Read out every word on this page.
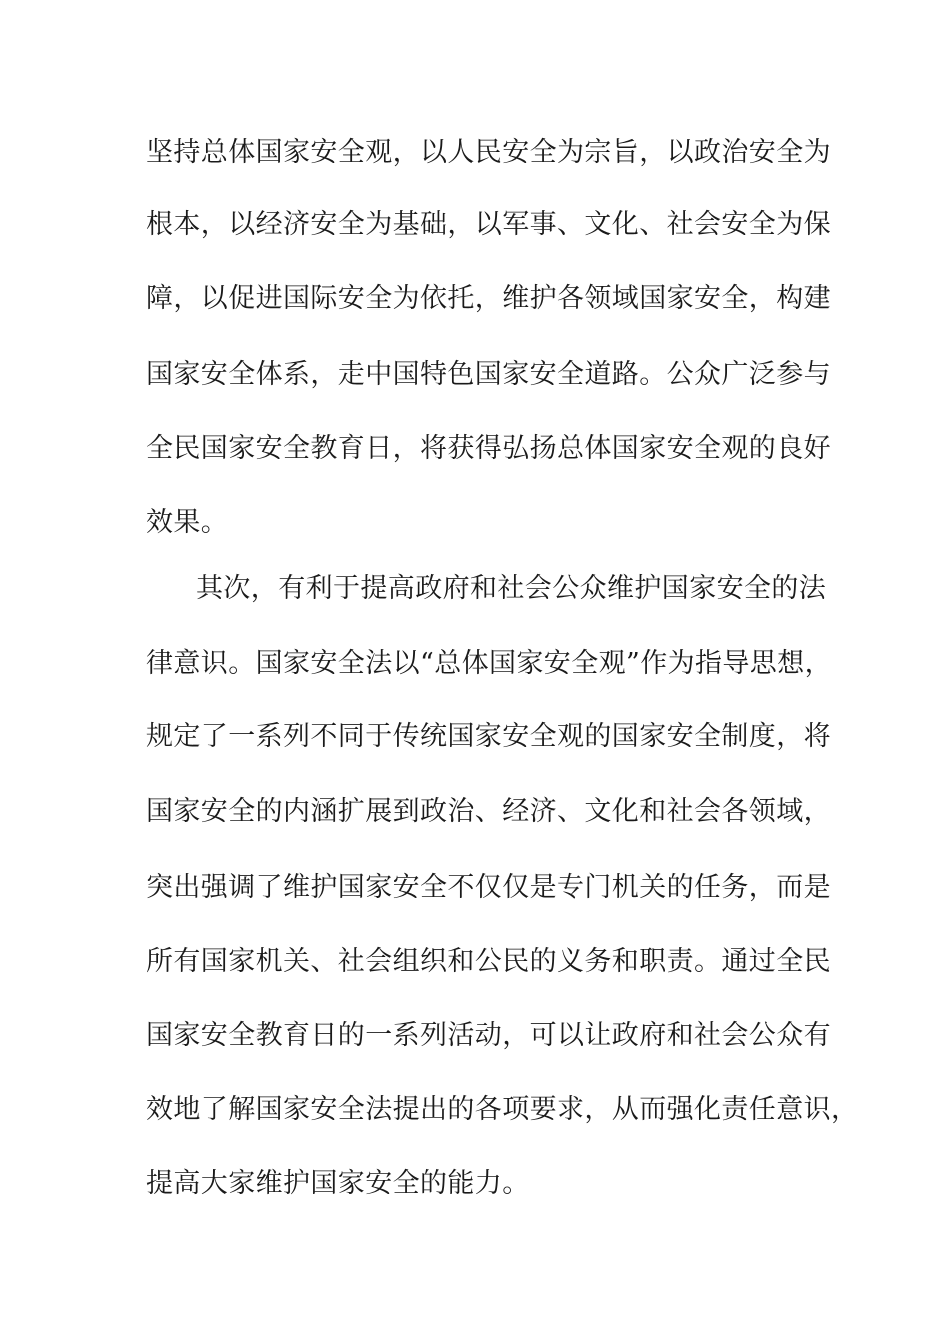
坚持总体国家安全观，以人民安全为宗旨，以政治安全为
根本，以经济安全为基础，以军事、文化、社会安全为保
障，以促进国际安全为依托，维护各领域国家安全，构建
国家安全体系，走中国特色国家安全道路。公众广泛参与
全民国家安全教育日，将获得弘扬总体国家安全观的良好
效果。
其次，有利于提高政府和社会公众维护国家安全的法
律意识。国家安全法以“总体国家安全观”作为指导思想，
规定了一系列不同于传统国家安全观的国家安全制度，将
国家安全的内涵扩展到政治、经济、文化和社会各领域，
突出强调了维护国家安全不仅仅是专门机关的任务，而是
所有国家机关、社会组织和公民的义务和职责。通过全民
国家安全教育日的一系列活动，可以让政府和社会公众有
效地了解国家安全法提出的各项要求，从而强化责任意识，
提高大家维护国家安全的能力。
